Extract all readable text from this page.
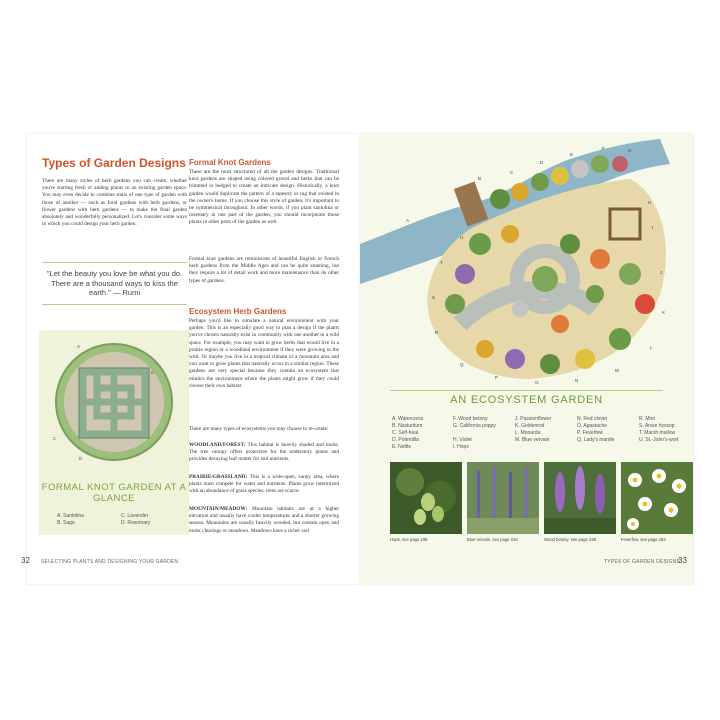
Types of Garden Designs
There are many styles of herb gardens you can create, whether you're starting fresh or adding plants to an existing garden space. You may even decide to combine traits of one type of garden with those of another — such as food gardens with herb gardens, or flower gardens with herb gardens — to make the final garden absolutely and wonderfully personalized. Let's consider some ways in which you could design your herb garden.
"Let the beauty you love be what you do. There are a thousand ways to kiss the earth." — Rumi
A
B
C
D
FORMAL KNOT GARDEN AT A GLANCE
A. Santolina
B. Sage
C. Lavender
D. Rosemary
Formal Knot Gardens
These are the most structured of all the garden designs. Traditional knot gardens are shaped using colored gravel and herbs that can be trimmed or hedged to create an intricate design. Historically, a knot garden would duplicate the pattern of a tapestry or rug that existed in the owner's home. If you choose this style of garden, it's important to be symmetrical throughout. In other words, if you plant santolina or rosemary in one part of the garden, you should incorporate those plants in other parts of the garden as well.
Formal knot gardens are reminiscent of beautiful English or French herb gardens from the Middle Ages and can be quite stunning, but they require a lot of detail work and more maintenance than do other types of gardens.
Ecosystem Herb Gardens
Perhaps you'd like to simulate a natural environment with your garden. This is an especially good way to plan a design if the plants you've chosen naturally exist in community with one another in a wild space. For example, you may want to grow herbs that would live in a prairie region or a woodland environment if they were growing in the wild. Or maybe you live in a tropical climate or a mountain area and you want to grow plants that naturally occur in a similar region. These gardens are very special because they contain an ecosystem that mimics the environment where the plants might grow if they could choose their own habitat.
There are many types of ecosystems you may choose to re-create:
WOODLAND/FOREST: This habitat is heavily shaded and moist. The tree canopy offers protection for the understory plants and provides decaying leaf matter for soil nutrients.
PRAIRIE/GRASSLAND: This is a wide-open, sunny area, where plants must compete for water and nutrients. Plants grow intermixed with an abundance of grass species; trees are scarce.
MOUNTAIN/MEADOW: Mountain habitats are at a higher elevation and usually have cooler temperatures and a shorter growing season. Mountains are usually heavily wooded, but contain open and moist clearings or meadows. Meadows have a richer soil
32 SELECTING PLANTS AND DESIGNING YOUR GARDEN
A
B
C
D
E
F	G
H
I
J
K
L
M
N
O
P
Q
R
S
T
U
AN ECOSYSTEM GARDEN
A. Watercress
B. Nasturtium
C. Self-heal
D. Potentilla
E. Nettle
F. Wood betony
G. California poppy
H. Violet
I. Hops
J. Passionflower
K. Goldenrod
L. Monarda
M. Blue vervain
N. Red clover
O. Agastache
P. Feverfew
Q. Lady's mantle
R. Mint
S. Anise hyssop
T. Marsh mallow
U. St.-John's-wort
Hops, see page 198	Blue vervain, see page 234	Wood betony, see page 238	Feverfew, see page 182
TYPES OF GARDEN DESIGNS
33
